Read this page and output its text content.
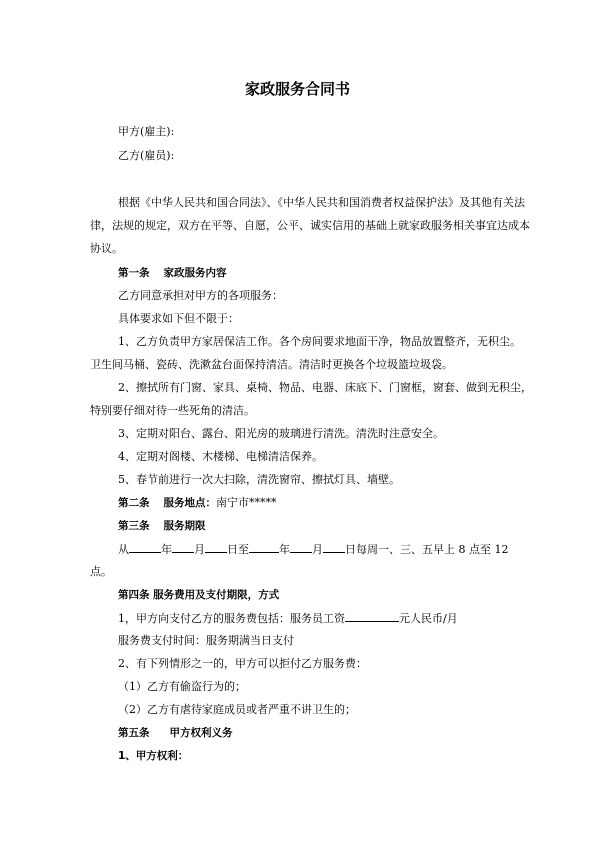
家政服务合同书
甲方(雇主):
乙方(雇员):
根据《中华人民共和国合同法》、《中华人民共和国消费者权益保护法》及其他有关法
律，法规的规定，双方在平等、自愿，公平、诚实信用的基础上就家政服务相关事宜达成本
协议。
第一条 家政服务内容
乙方同意承担对甲方的各项服务：
具体要求如下但不限于：
1、乙方负责甲方家居保洁工作。各个房间要求地面干净，物品放置整齐，无积尘。
卫生间马桶、瓷砖、洗漱盆台面保持清洁。清洁时更换各个垃圾篮垃圾袋。
2、擦拭所有门窗、家具、桌椅、物品、电器、床底下、门窗框，窗套、做到无积尘，
特别要仔细对待一些死角的清洁。
3、定期对阳台、露台、阳光房的玻璃进行清洗。清洗时注意安全。
4、定期对阁楼、木楼梯、电梯清洁保养。
5、春节前进行一次大扫除，清洗窗帘、擦拭灯具、墙壁。
第二条 服务地点：南宁市*****
第三条 服务期限
从	年 月 日至	年 月 日每周一、三、五早上 8 点至 12
点。
第四条 服务费用及支付期限，方式
1，甲方向支付乙方的服务费包括：服务员工资	元人民币/月
服务费支付时间：服务期满当日支付
2、有下列情形之一的，甲方可以拒付乙方服务费：
（1）乙方有偷盗行为的；
（2）乙方有虐待家庭成员或者严重不讲卫生的；
第五条 甲方权利义务
1、甲方权利：
